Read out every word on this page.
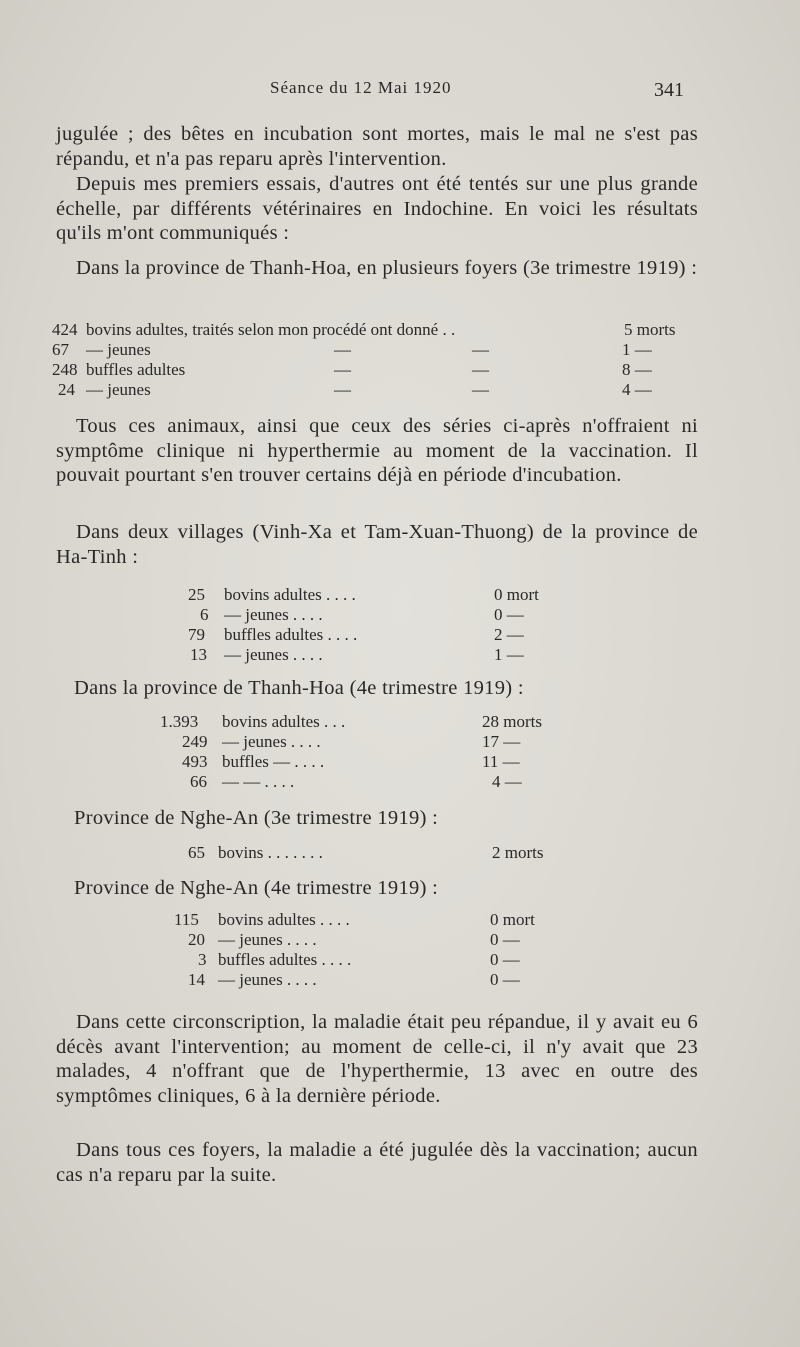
Séance du 12 Mai 1920	341

jugulée ; des bêtes en incubation sont mortes, mais le mal ne s'est pas répandu, et n'a pas reparu après l'intervention.

Depuis mes premiers essais, d'autres ont été tentés sur une plus grande échelle, par différents vétérinaires en Indochine. En voici les résultats qu'ils m'ont communiqués :

Dans la province de Thanh-Hoa, en plusieurs foyers (3e trimestre 1919) :

424 bovins adultes, traités selon mon procédé ont donné . .	5 morts
67 — jeunes	—	—	1 —
248 buffles adultes	—	—	8 —
24 — jeunes	—	—	4 —

Tous ces animaux, ainsi que ceux des séries ci-après n'offraient ni symptôme clinique ni hyperthermie au moment de la vaccination. Il pouvait pourtant s'en trouver certains déjà en période d'incubation.

Dans deux villages (Vinh-Xa et Tam-Xuan-Thuong) de la province de Ha-Tinh :

25 bovins adultes . . . .	0 mort
6 — jeunes . . . .	0 —
79 buffles adultes . . . .	2 —
13 — jeunes . . . .	1 —

Dans la province de Thanh-Hoa (4e trimestre 1919) :

1.393 bovins adultes . . .	28 morts
249 — jeunes . . . .	17 —
493 buffles — . . . .	11 —
66 — — . . . .	4 —

Province de Nghe-An (3e trimestre 1919) :

65 bovins . . . . . . .	2 morts

Province de Nghe-An (4e trimestre 1919) :

115 bovins adultes . . . .	0 mort
20 — jeunes . . . .	0 —
3 buffles adultes . . . .	0 —
14 — jeunes . . . .	0 —

Dans cette circonscription, la maladie était peu répandue, il y avait eu 6 décès avant l'intervention; au moment de celle-ci, il n'y avait que 23 malades, 4 n'offrant que de l'hyperthermie, 13 avec en outre des symptômes cliniques, 6 à la dernière période.

Dans tous ces foyers, la maladie a été jugulée dès la vaccination; aucun cas n'a reparu par la suite.
